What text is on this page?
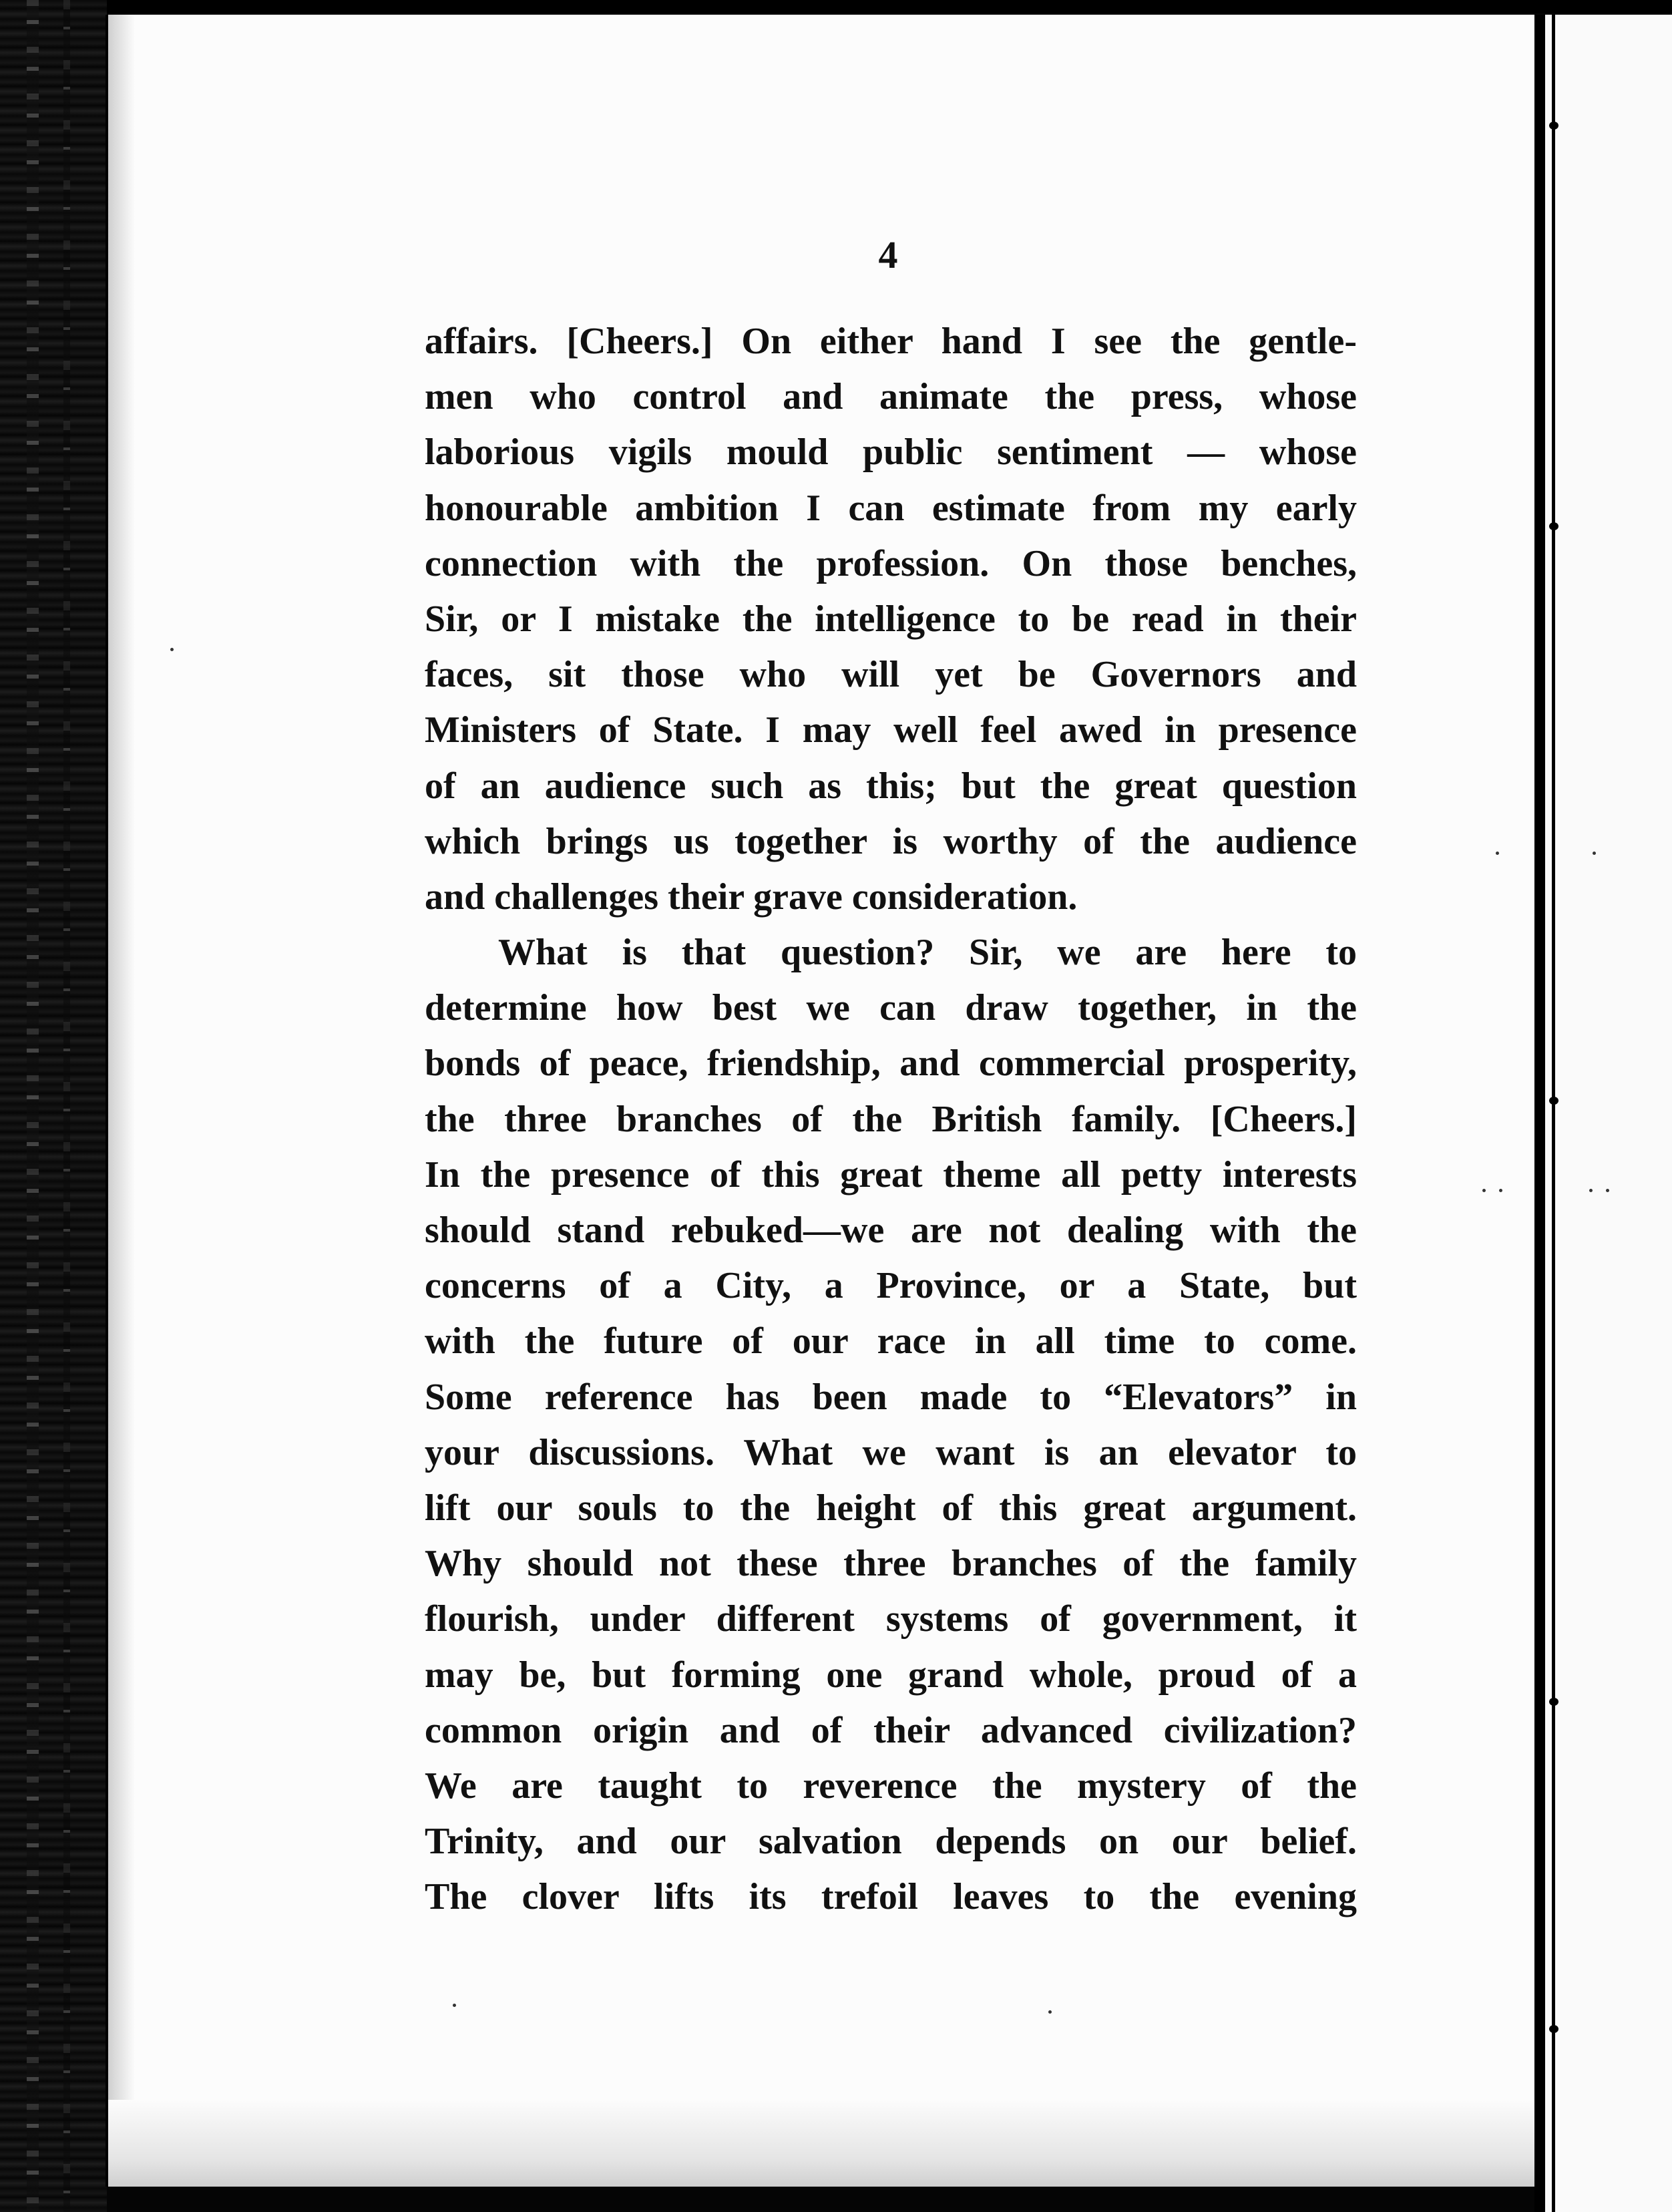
4
affairs. [Cheers.] On either hand I see the gentle-
men who control and animate the press, whose
laborious vigils mould public sentiment — whose
honourable ambition I can estimate from my early
connection with the profession. On those benches,
Sir, or I mistake the intelligence to be read in their
faces, sit those who will yet be Governors and
Ministers of State. I may well feel awed in presence
of an audience such as this; but the great question
which brings us together is worthy of the audience
and challenges their grave consideration.
What is that question? Sir, we are here to
determine how best we can draw together, in the
bonds of peace, friendship, and commercial prosperity,
the three branches of the British family. [Cheers.]
In the presence of this great theme all petty interests
should stand rebuked—we are not dealing with the
concerns of a City, a Province, or a State, but
with the future of our race in all time to come.
Some reference has been made to “Elevators” in
your discussions. What we want is an elevator to
lift our souls to the height of this great argument.
Why should not these three branches of the family
flourish, under different systems of government, it
may be, but forming one grand whole, proud of a
common origin and of their advanced civilization?
We are taught to reverence the mystery of the
Trinity, and our salvation depends on our belief.
The clover lifts its trefoil leaves to the evening
